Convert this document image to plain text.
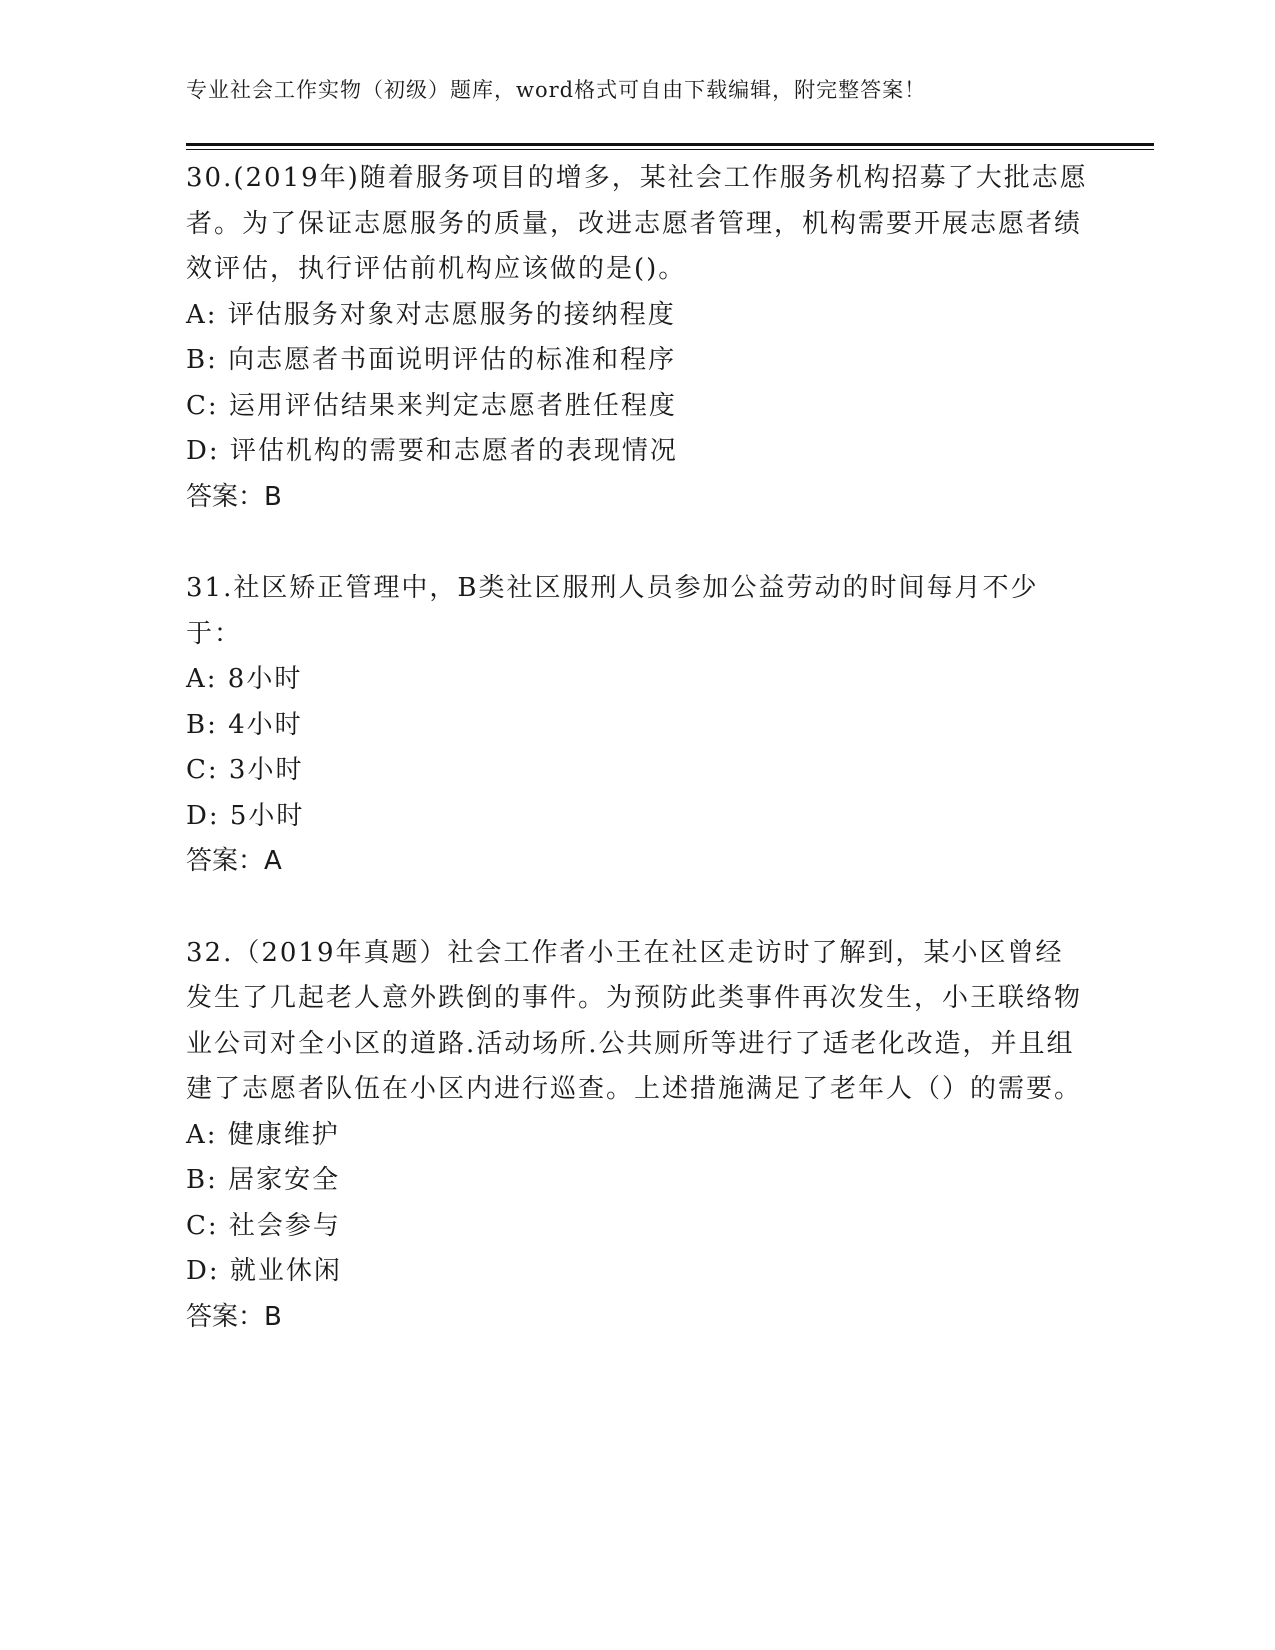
专业社会工作实物（初级）题库，word格式可自由下载编辑，附完整答案！

30.(2019年)随着服务项目的增多，某社会工作服务机构招募了大批志愿者。为了保证志愿服务的质量，改进志愿者管理，机构需要开展志愿者绩效评估，执行评估前机构应该做的是()。

A: 评估服务对象对志愿服务的接纳程度

B: 向志愿者书面说明评估的标准和程序

C: 运用评估结果来判定志愿者胜任程度

D: 评估机构的需要和志愿者的表现情况

答案：B

31.社区矫正管理中，B类社区服刑人员参加公益劳动的时间每月不少于：

A: 8小时

B: 4小时

C: 3小时

D: 5小时

答案：A

32.（2019年真题）社会工作者小王在社区走访时了解到，某小区曾经发生了几起老人意外跌倒的事件。为预防此类事件再次发生，小王联络物业公司对全小区的道路.活动场所.公共厕所等进行了适老化改造，并且组建了志愿者队伍在小区内进行巡查。上述措施满足了老年人（）的需要。

A: 健康维护

B: 居家安全

C: 社会参与

D: 就业休闲

答案：B
